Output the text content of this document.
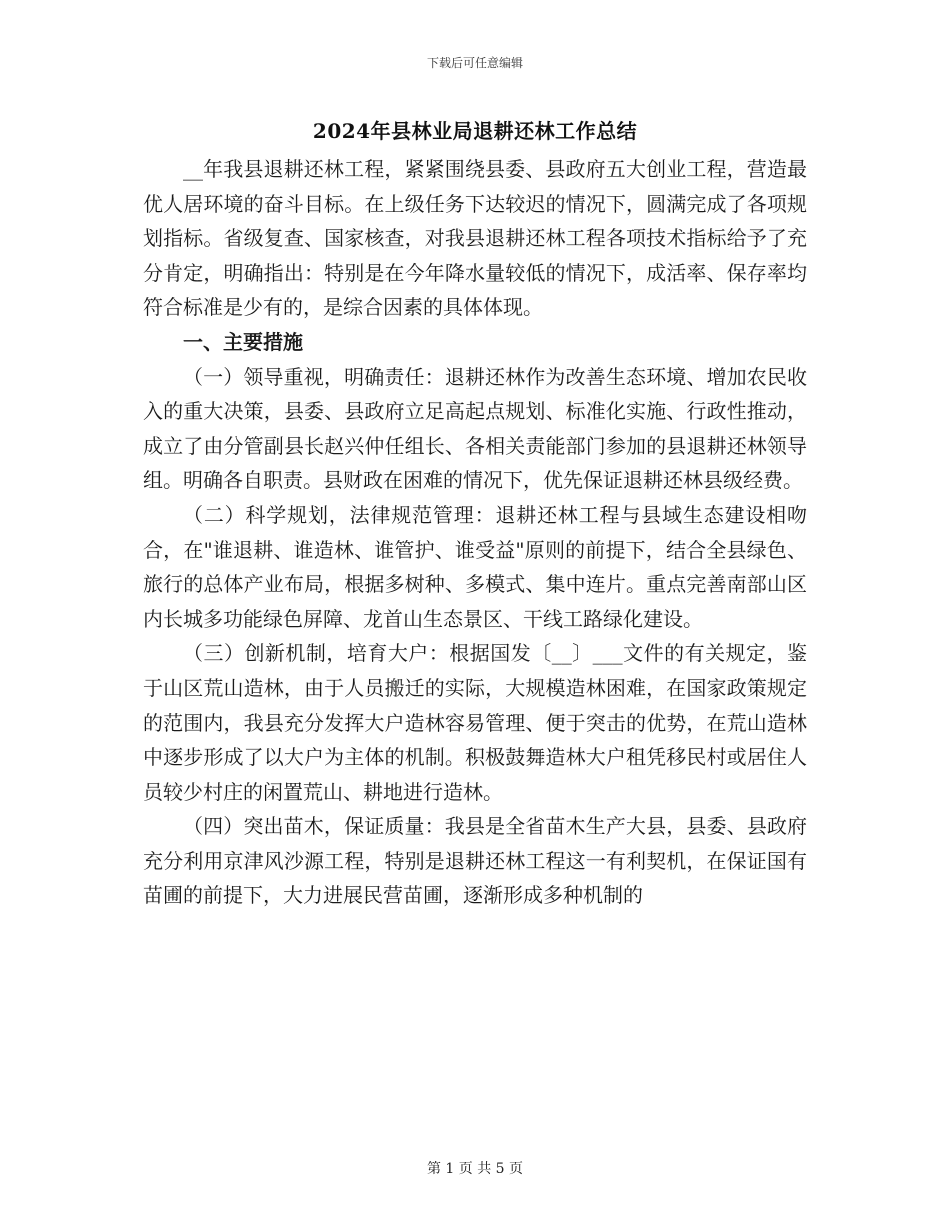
下载后可任意编辑
2024年县林业局退耕还林工作总结

__年我县退耕还林工程，紧紧围绕县委、县政府五大创业工程，营造最优人居环境的奋斗目标。在上级任务下达较迟的情况下，圆满完成了各项规划指标。省级复查、国家核查，对我县退耕还林工程各项技术指标给予了充分肯定，明确指出：特别是在今年降水量较低的情况下，成活率、保存率均符合标准是少有的，是综合因素的具体体现。

一、主要措施

（一）领导重视，明确责任：退耕还林作为改善生态环境、增加农民收入的重大决策，县委、县政府立足高起点规划、标准化实施、行政性推动，成立了由分管副县长赵兴仲任组长、各相关责能部门参加的县退耕还林领导组。明确各自职责。县财政在困难的情况下，优先保证退耕还林县级经费。

（二）科学规划，法律规范管理：退耕还林工程与县域生态建设相吻合，在"谁退耕、谁造林、谁管护、谁受益"原则的前提下，结合全县绿色、旅行的总体产业布局，根据多树种、多模式、集中连片。重点完善南部山区内长城多功能绿色屏障、龙首山生态景区、干线工路绿化建设。

（三）创新机制，培育大户：根据国发〔__〕___文件的有关规定，鉴于山区荒山造林，由于人员搬迁的实际，大规模造林困难，在国家政策规定的范围内，我县充分发挥大户造林容易管理、便于突击的优势，在荒山造林中逐步形成了以大户为主体的机制。积极鼓舞造林大户租凭移民村或居住人员较少村庄的闲置荒山、耕地进行造林。

（四）突出苗木，保证质量：我县是全省苗木生产大县，县委、县政府充分利用京津风沙源工程，特别是退耕还林工程这一有利契机，在保证国有苗圃的前提下，大力进展民营苗圃，逐渐形成多种机制的

第 1 页 共 5 页
